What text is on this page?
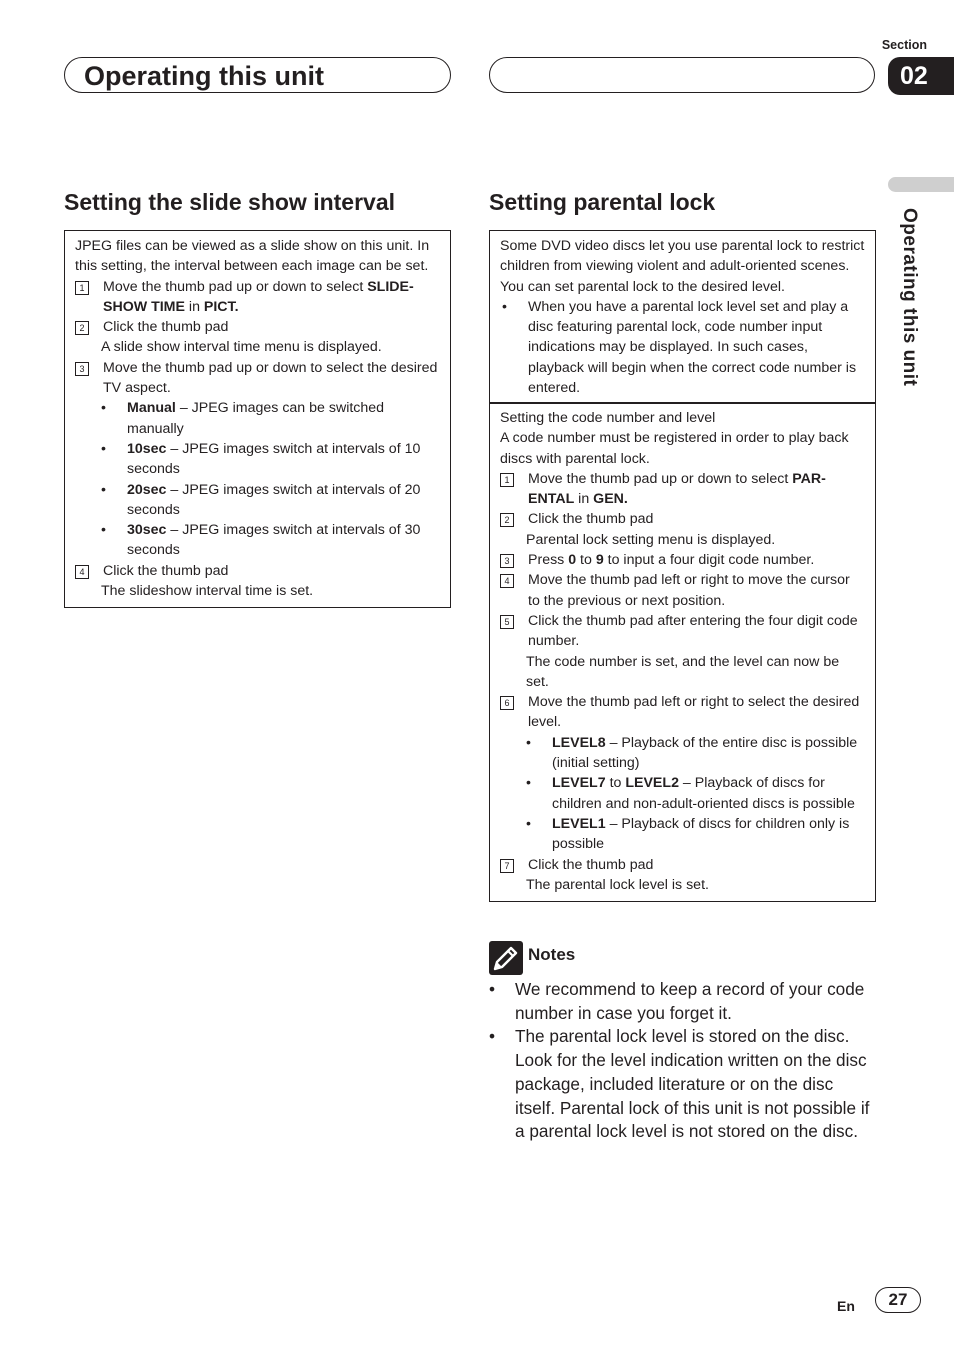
Operating this unit
Section
02
Operating this unit
Setting the slide show interval

JPEG files can be viewed as a slide show on this unit. In this setting, the interval between each image can be set.

1	Move the thumb pad up or down to select SLIDE-SHOW TIME in PICT.
2	Click the thumb pad

A slide show interval time menu is displayed.

3	Move the thumb pad up or down to select the desired TV aspect.
•	Manual – JPEG images can be switched manually
•	10sec – JPEG images switch at intervals of 10 seconds
•	20sec – JPEG images switch at intervals of 20 seconds
•	30sec – JPEG images switch at intervals of 30 seconds
4	Click the thumb pad

The slideshow interval time is set.

Setting parental lock

Some DVD video discs let you use parental lock to restrict children from viewing violent and adult-oriented scenes. You can set parental lock to the desired level.

•	When you have a parental lock level set and play a disc featuring parental lock, code number input indications may be displayed. In such cases, playback will begin when the correct code number is entered.

Setting the code number and level

A code number must be registered in order to play back discs with parental lock.

1	Move the thumb pad up or down to select PAR-ENTAL in GEN.
2	Click the thumb pad

Parental lock setting menu is displayed.

3	Press 0 to 9 to input a four digit code number.
4	Move the thumb pad left or right to move the cursor to the previous or next position.
5	Click the thumb pad after entering the four digit code number.

The code number is set, and the level can now be set.

6	Move the thumb pad left or right to select the desired level.
•	LEVEL8 – Playback of the entire disc is possible (initial setting)
•	LEVEL7 to LEVEL2 – Playback of discs for children and non-adult-oriented discs is possible
•	LEVEL1 – Playback of discs for children only is possible
7	Click the thumb pad

The parental lock level is set.

Notes
•	We recommend to keep a record of your code number in case you forget it.
•	The parental lock level is stored on the disc. Look for the level indication written on the disc package, included literature or on the disc itself. Parental lock of this unit is not possible if a parental lock level is not stored on the disc.
En	27
